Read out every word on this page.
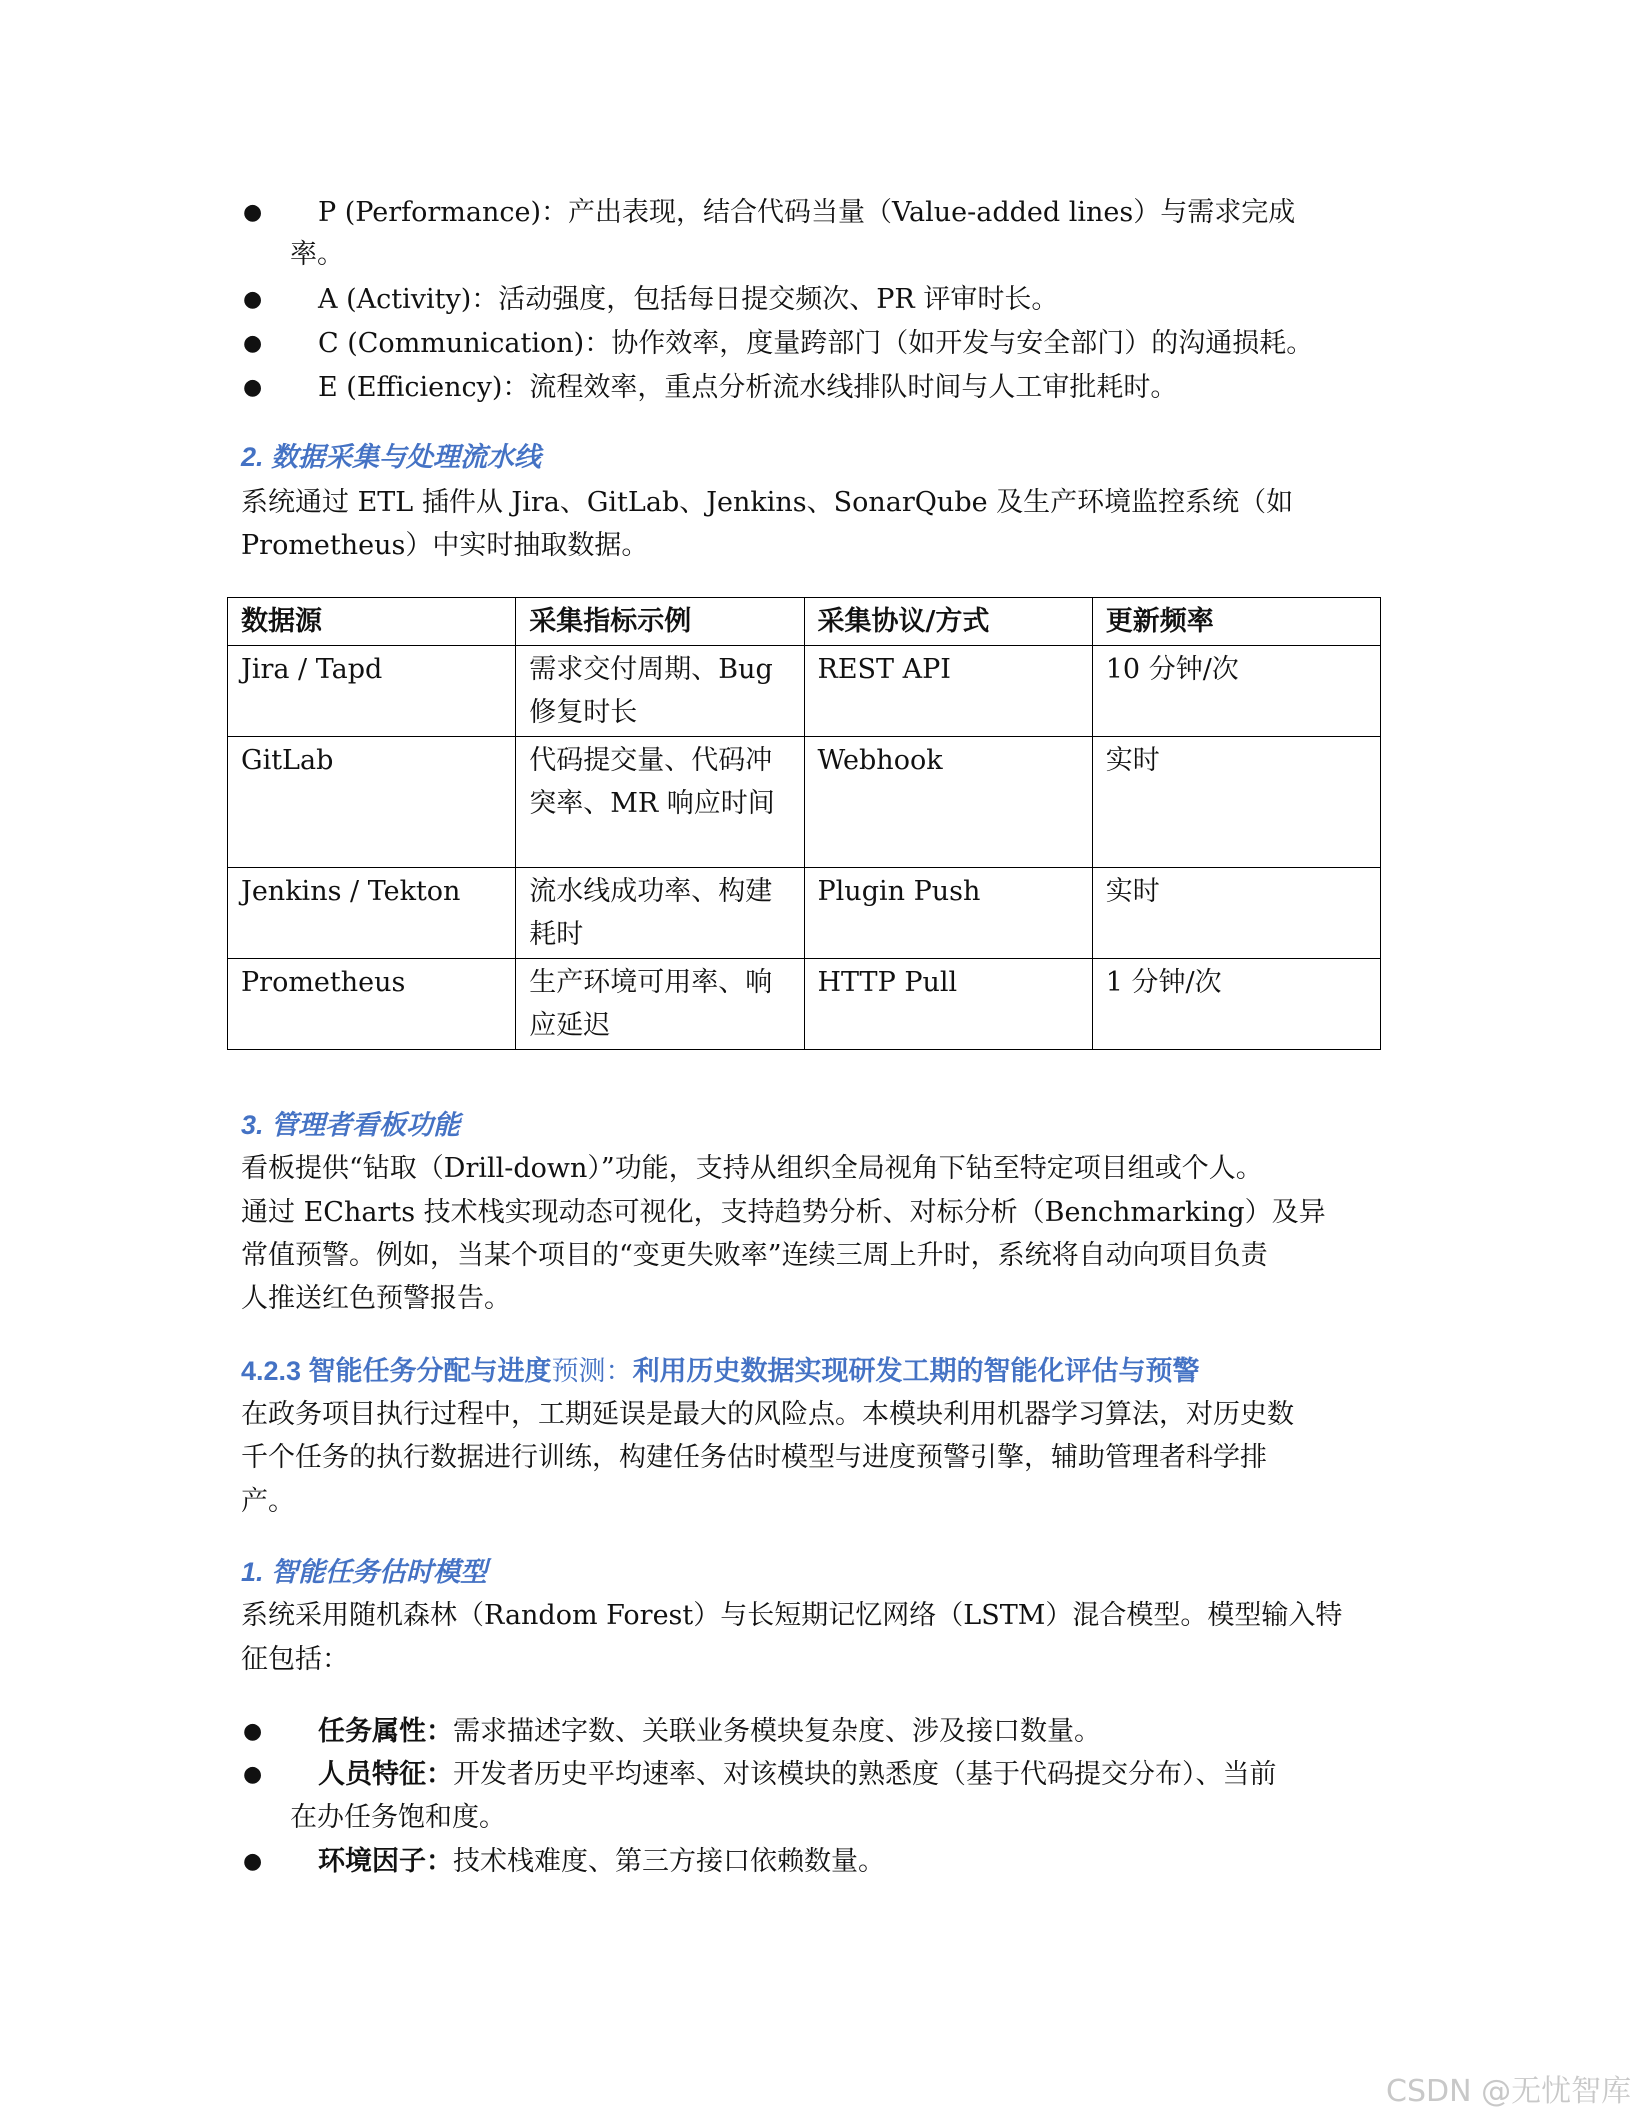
● P (Performance)：产出表现，结合代码当量（Value-added lines）与需求完成
率。
● A (Activity)：活动强度，包括每日提交频次、PR 评审时长。
● C (Communication)：协作效率，度量跨部门（如开发与安全部门）的沟通损耗。
● E (Efficiency)：流程效率，重点分析流水线排队时间与人工审批耗时。
2. 数据采集与处理流水线
系统通过 ETL 插件从 Jira、GitLab、Jenkins、SonarQube 及生产环境监控系统（如
Prometheus）中实时抽取数据。
数据源	采集指标示例	采集协议/方式	更新频率
Jira / Tapd	需求交付周期、Bug 修复时长	REST API	10 分钟/次
GitLab	代码提交量、代码冲突率、MR 响应时间	Webhook	实时
Jenkins / Tekton	流水线成功率、构建耗时	Plugin Push	实时
Prometheus	生产环境可用率、响应延迟	HTTP Pull	1 分钟/次
3. 管理者看板功能
看板提供“钻取（Drill-down）”功能，支持从组织全局视角下钻至特定项目组或个人。
通过 ECharts 技术栈实现动态可视化，支持趋势分析、对标分析（Benchmarking）及异
常值预警。例如，当某个项目的“变更失败率”连续三周上升时，系统将自动向项目负责
人推送红色预警报告。
4.2.3 智能任务分配与进度预测：利用历史数据实现研发工期的智能化评估与预警
在政务项目执行过程中，工期延误是最大的风险点。本模块利用机器学习算法，对历史数
千个任务的执行数据进行训练，构建任务估时模型与进度预警引擎，辅助管理者科学排
产。
1. 智能任务估时模型
系统采用随机森林（Random Forest）与长短期记忆网络（LSTM）混合模型。模型输入特
征包括：
● 任务属性：需求描述字数、关联业务模块复杂度、涉及接口数量。
● 人员特征：开发者历史平均速率、对该模块的熟悉度（基于代码提交分布）、当前
在办任务饱和度。
● 环境因子：技术栈难度、第三方接口依赖数量。
CSDN @无忧智库
